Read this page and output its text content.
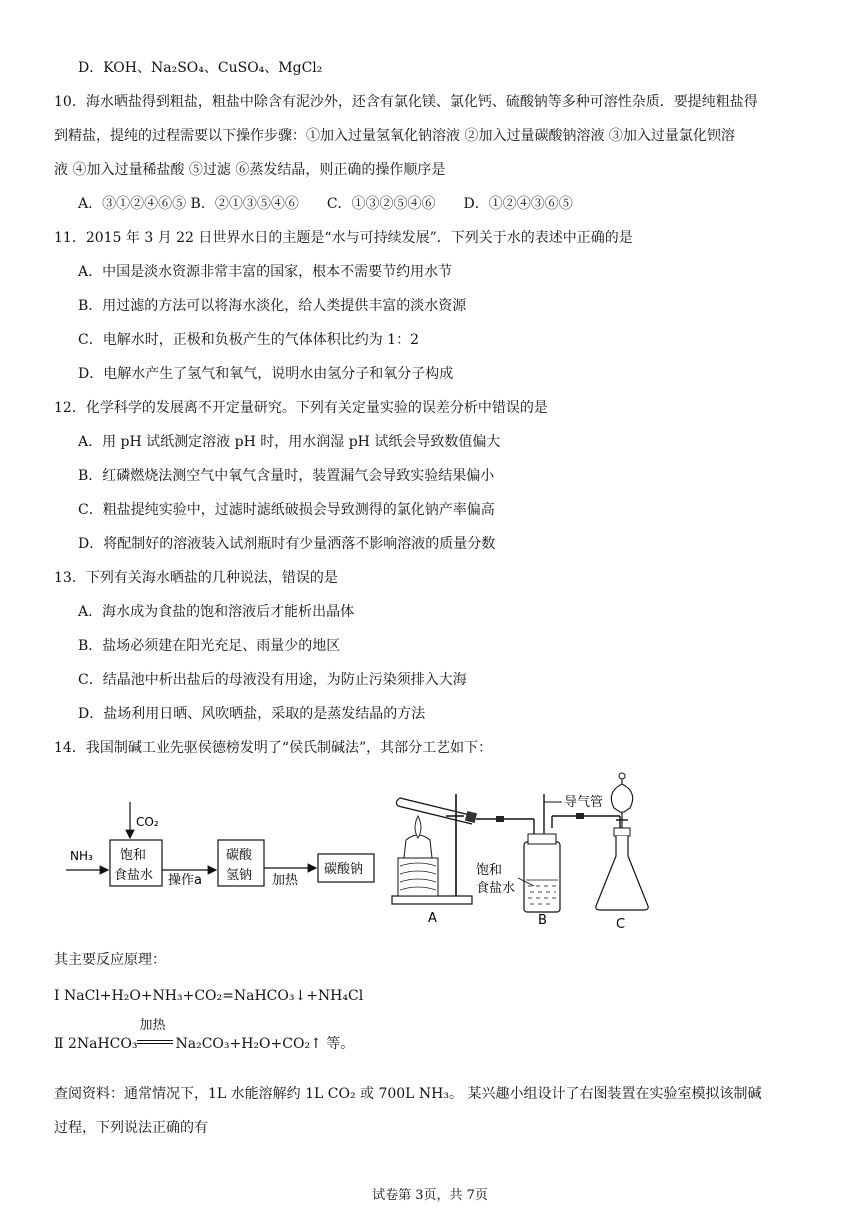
D．KOH、Na₂SO₄、CuSO₄、MgCl₂
10．海水晒盐得到粗盐，粗盐中除含有泥沙外，还含有氯化镁、氯化钙、硫酸钠等多种可溶性杂质．要提纯粗盐得
到精盐，提纯的过程需要以下操作步骤：①加入过量氢氧化钠溶液 ②加入过量碳酸钠溶液 ③加入过量氯化钡溶
液 ④加入过量稀盐酸 ⑤过滤 ⑥蒸发结晶，则正确的操作顺序是
A．③①②④⑥⑤ B．②①③⑤④⑥　　C．①③②⑤④⑥　　D．①②④③⑥⑤
11．2015 年 3 月 22 日世界水日的主题是“水与可持续发展”．下列关于水的表述中正确的是
A．中国是淡水资源非常丰富的国家，根本不需要节约用水节
B．用过滤的方法可以将海水淡化，给人类提供丰富的淡水资源
C．电解水时，正极和负极产生的气体体积比约为 1：2
D．电解水产生了氢气和氧气，说明水由氢分子和氧分子构成
12．化学科学的发展离不开定量研究。下列有关定量实验的误差分析中错误的是
A．用 pH 试纸测定溶液 pH 时，用水润湿 pH 试纸会导致数值偏大
B．红磷燃烧法测空气中氧气含量时，装置漏气会导致实验结果偏小
C．粗盐提纯实验中，过滤时滤纸破损会导致测得的氯化钠产率偏高
D．将配制好的溶液装入试剂瓶时有少量洒落不影响溶液的质量分数
13．下列有关海水晒盐的几种说法，错误的是
A．海水成为食盐的饱和溶液后才能析出晶体
B．盐场必须建在阳光充足、雨量少的地区
C．结晶池中析出盐后的母液没有用途，为防止污染须排入大海
D．盐场利用日晒、风吹晒盐，采取的是蒸发结晶的方法
14．我国制碱工业先驱侯德榜发明了“侯氏制碱法”，其部分工艺如下：
NH₃
CO₂
饱和
食盐水 操作a
碳酸
氢钠 加热
碳酸钠
A
导气管
饱和
食盐水
B	C
其主要反应原理：
Ⅰ NaCl+H₂O+NH₃+CO₂=NaHCO₃↓+NH₄Cl
Ⅱ 2NaHCO₃
加热
Na₂CO₃+H₂O+CO₂↑ 等。
查阅资料：通常情况下，1L 水能溶解约 1L CO₂ 或 700L NH₃。 某兴趣小组设计了右图装置在实验室模拟该制碱
过程，下列说法正确的有
试卷第 3页，共 7页
